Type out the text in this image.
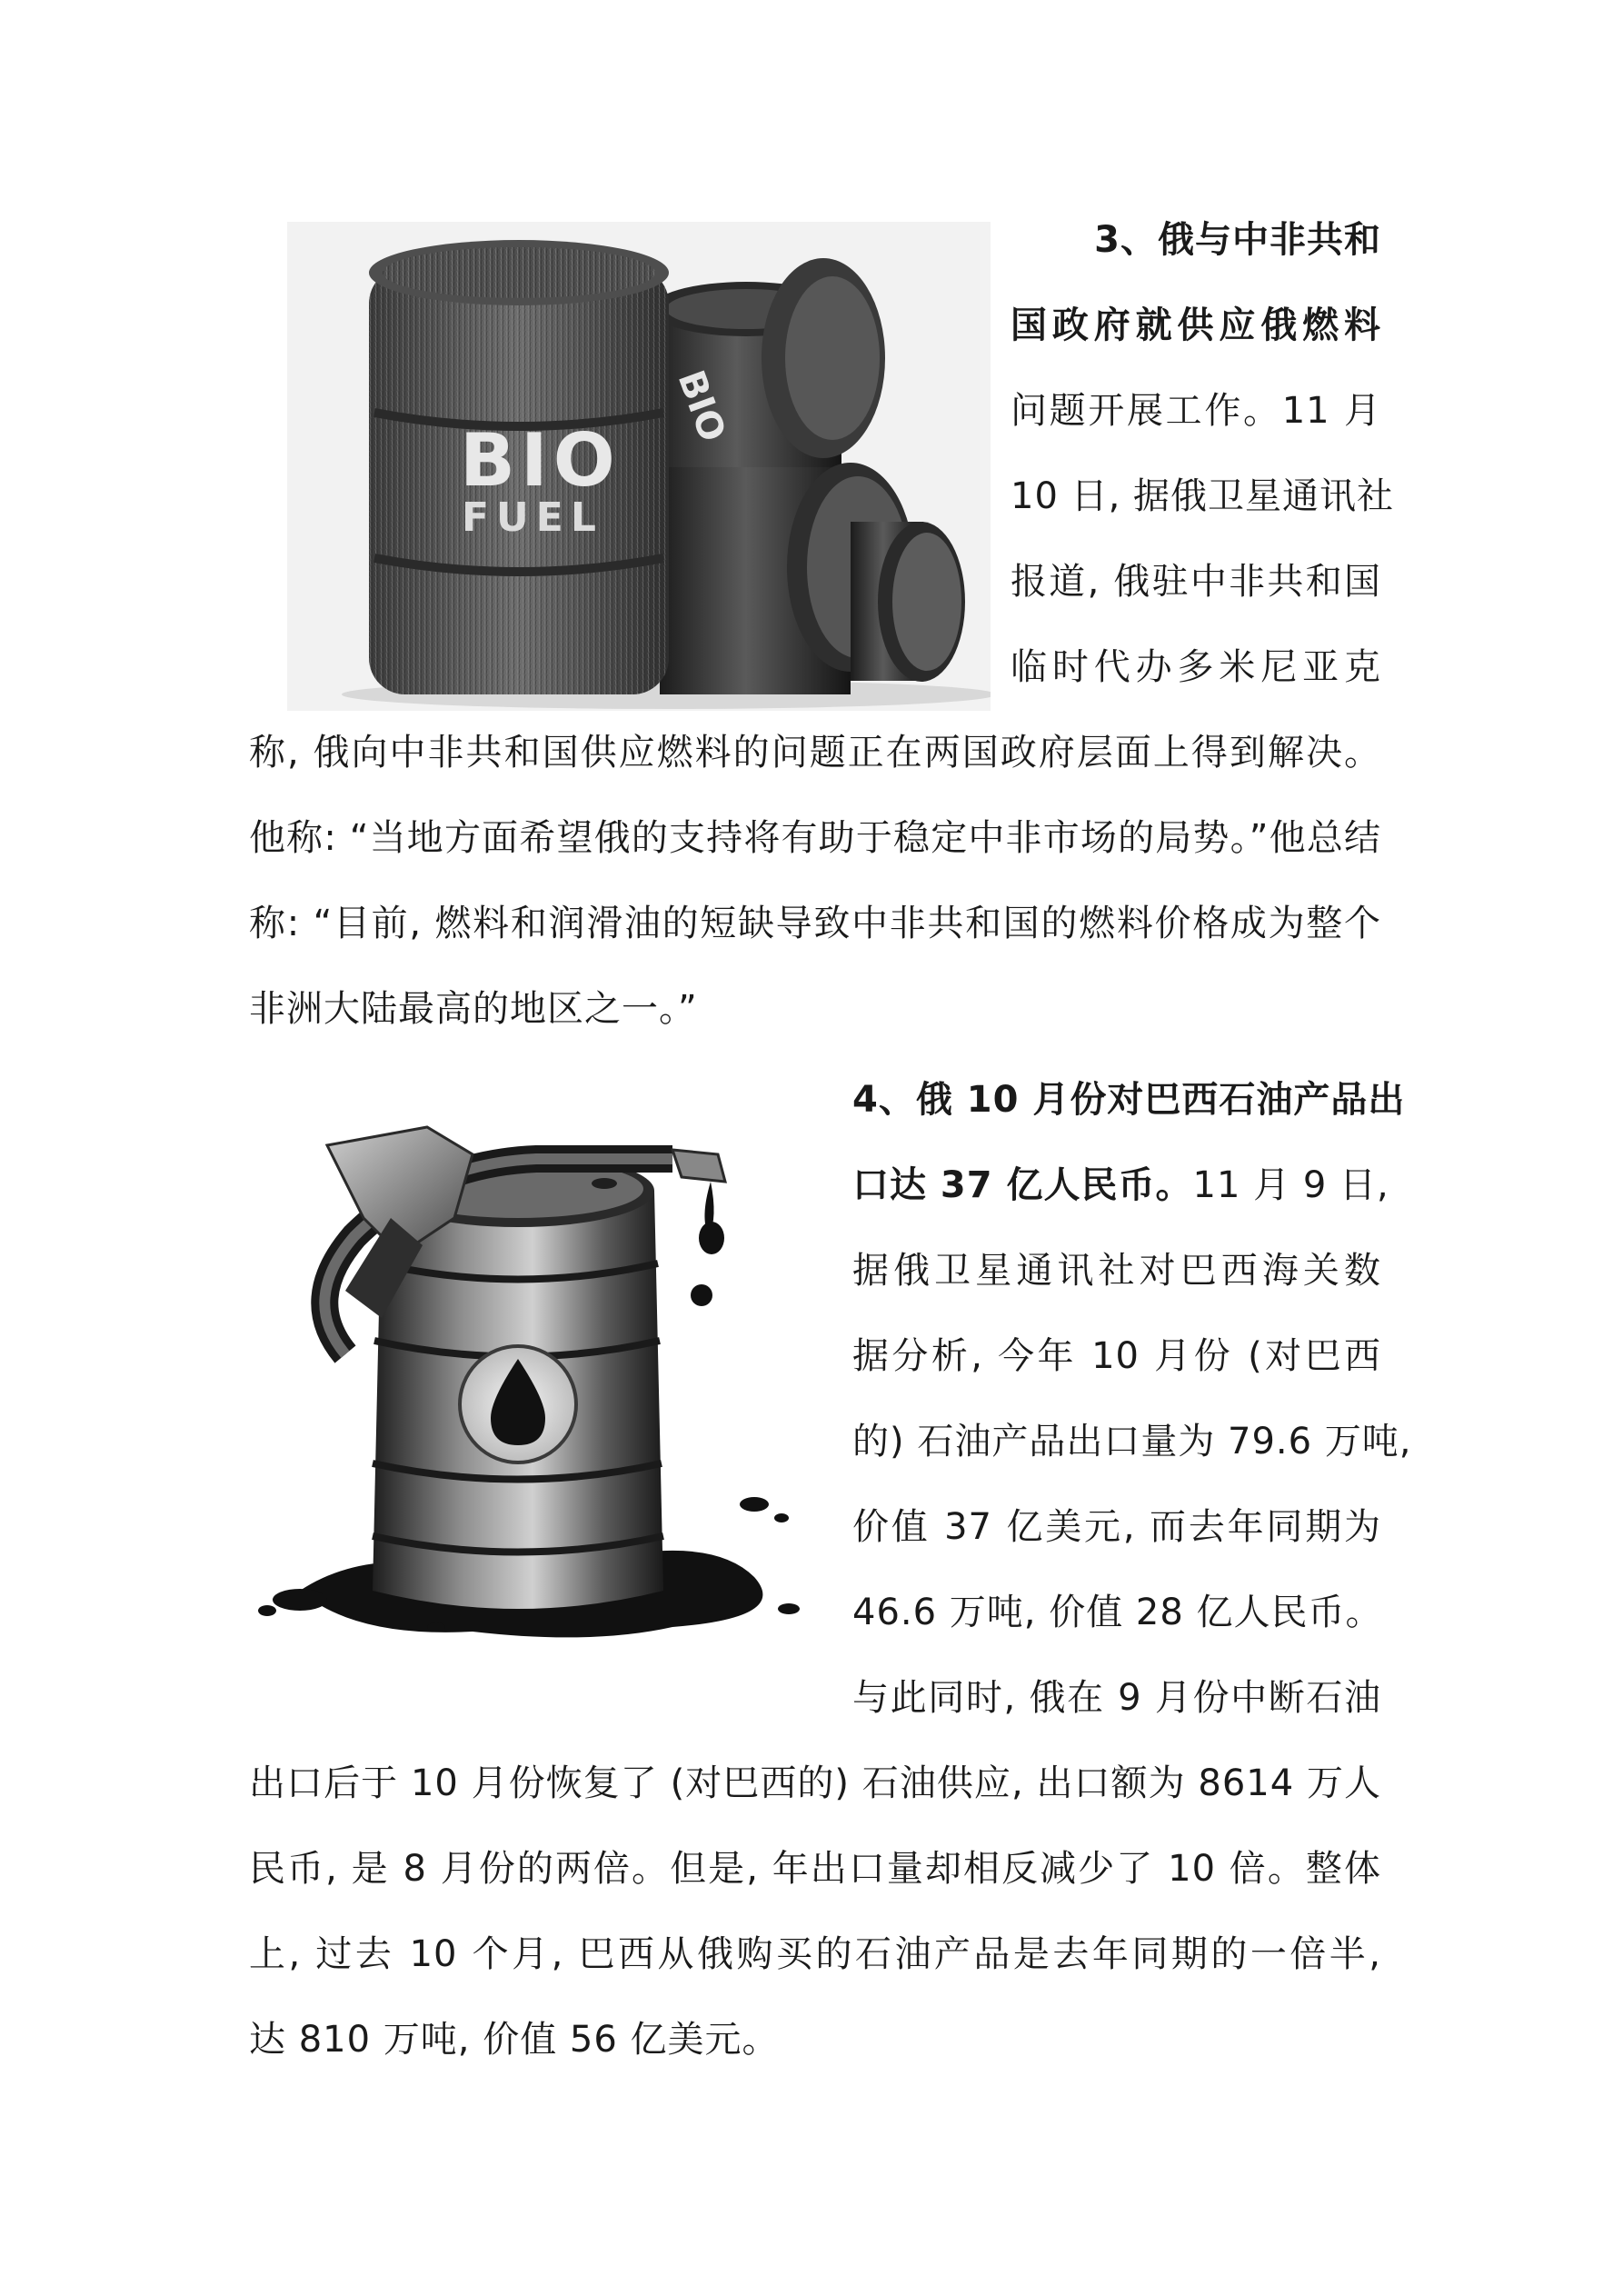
BIO
BIO
FUEL
3、俄与中非共和
国政府就供应俄燃料
问题开展工作。11 月
10 日, 据俄卫星通讯社
报道, 俄驻中非共和国
临时代办多米尼亚克
称, 俄向中非共和国供应燃料的问题正在两国政府层面上得到解决。
他称: “当地方面希望俄的支持将有助于稳定中非市场的局势。”他总结
称: “目前, 燃料和润滑油的短缺导致中非共和国的燃料价格成为整个
非洲大陆最高的地区之一。”
4、俄 10 月份对巴西石油产品出
口达 37 亿人民币。11 月 9 日,
据俄卫星通讯社对巴西海关数
据分析, 今年 10 月份 (对巴西
的) 石油产品出口量为 79.6 万吨,
价值 37 亿美元, 而去年同期为
46.6 万吨, 价值 28 亿人民币。
与此同时, 俄在 9 月份中断石油
出口后于 10 月份恢复了 (对巴西的) 石油供应, 出口额为 8614 万人
民币, 是 8 月份的两倍。但是, 年出口量却相反减少了 10 倍。整体
上, 过去 10 个月, 巴西从俄购买的石油产品是去年同期的一倍半,
达 810 万吨, 价值 56 亿美元。
